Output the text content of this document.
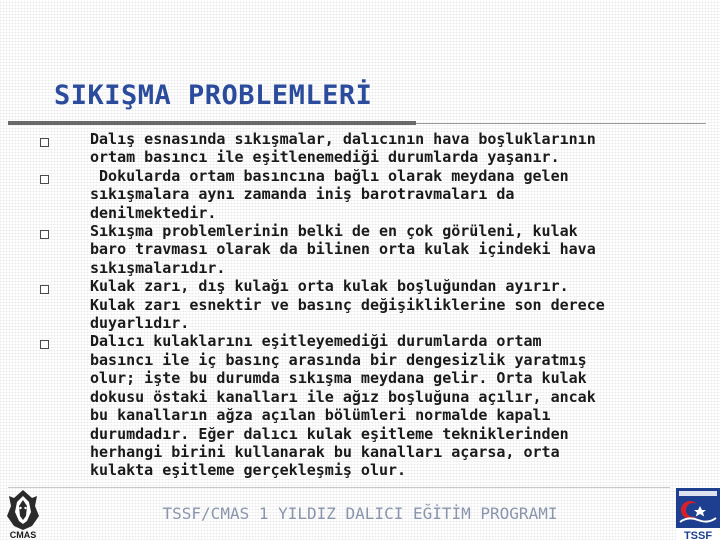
SIKIŞMA PROBLEMLERİ
Dalış esnasında sıkışmalar, dalıcının hava boşluklarının
ortam basıncı ile eşitlenemediği durumlarda yaşanır.
Dokularda ortam basıncına bağlı olarak meydana gelen
sıkışmalara aynı zamanda iniş barotravmaları da
denilmektedir.
Sıkışma problemlerinin belki de en çok görüleni, kulak
baro travması olarak da bilinen orta kulak içindeki hava
sıkışmalarıdır.
Kulak zarı, dış kulağı orta kulak boşluğundan ayırır.
Kulak zarı esnektir ve basınç değişikliklerine son derece
duyarlıdır.
Dalıcı kulaklarını eşitleyemediği durumlarda ortam
basıncı ile iç basınç arasında bir dengesizlik yaratmış
olur; işte bu durumda sıkışma meydana gelir. Orta kulak
dokusu östaki kanalları ile ağız boşluğuna açılır, ancak
bu kanalların ağza açılan bölümleri normalde kapalı
durumdadır. Eğer dalıcı kulak eşitleme tekniklerinden
herhangi birini kullanarak bu kanalları açarsa, orta
kulakta eşitleme gerçekleşmiş olur.
TSSF/CMAS 1 YILDIZ DALICI EĞİTİM PROGRAMI
CMAS	TSSF
